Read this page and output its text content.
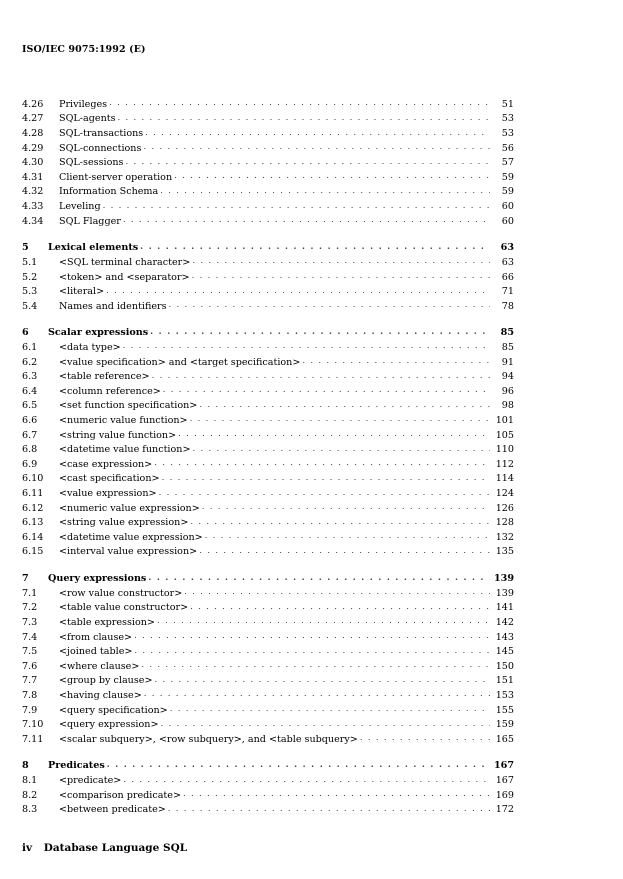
ISO/IEC 9075:1992 (E)
4.26	Privileges . . .	51
4.27	SQL-agents . . .	53
4.28	SQL-transactions . . .	53
4.29	SQL-connections . . .	56
4.30	SQL-sessions . . .	57
4.31	Client-server operation . . .	59
4.32	Information Schema . . .	59
4.33	Leveling . . .	60
4.34	SQL Flagger . . .	60
5	Lexical elements . . .	63
5.1	<SQL terminal character> . . .	63
5.2	<token> and <separator> . . .	66
5.3	<literal> . . .	71
5.4	Names and identifiers . . .	78
6	Scalar expressions . . .	85
6.1	<data type> . . .	85
6.2	<value specification> and <target specification> . . .	91
6.3	<table reference> . . .	94
6.4	<column reference> . . .	96
6.5	<set function specification> . . .	98
6.6	<numeric value function> . . .	101
6.7	<string value function> . . .	105
6.8	<datetime value function> . . .	110
6.9	<case expression> . . .	112
6.10	<cast specification> . . .	114
6.11	<value expression> . . .	124
6.12	<numeric value expression> . . .	126
6.13	<string value expression> . . .	128
6.14	<datetime value expression> . . .	132
6.15	<interval value expression> . . .	135
7	Query expressions . . .	139
7.1	<row value constructor> . . .	139
7.2	<table value constructor> . . .	141
7.3	<table expression> . . .	142
7.4	<from clause> . . .	143
7.5	<joined table> . . .	145
7.6	<where clause> . . .	150
7.7	<group by clause> . . .	151
7.8	<having clause> . . .	153
7.9	<query specification> . . .	155
7.10	<query expression> . . .	159
7.11	<scalar subquery>, <row subquery>, and <table subquery> . . .	165
8	Predicates . . .	167
8.1	<predicate> . . .	167
8.2	<comparison predicate> . . .	169
8.3	<between predicate> . . .	172
iv Database Language SQL
